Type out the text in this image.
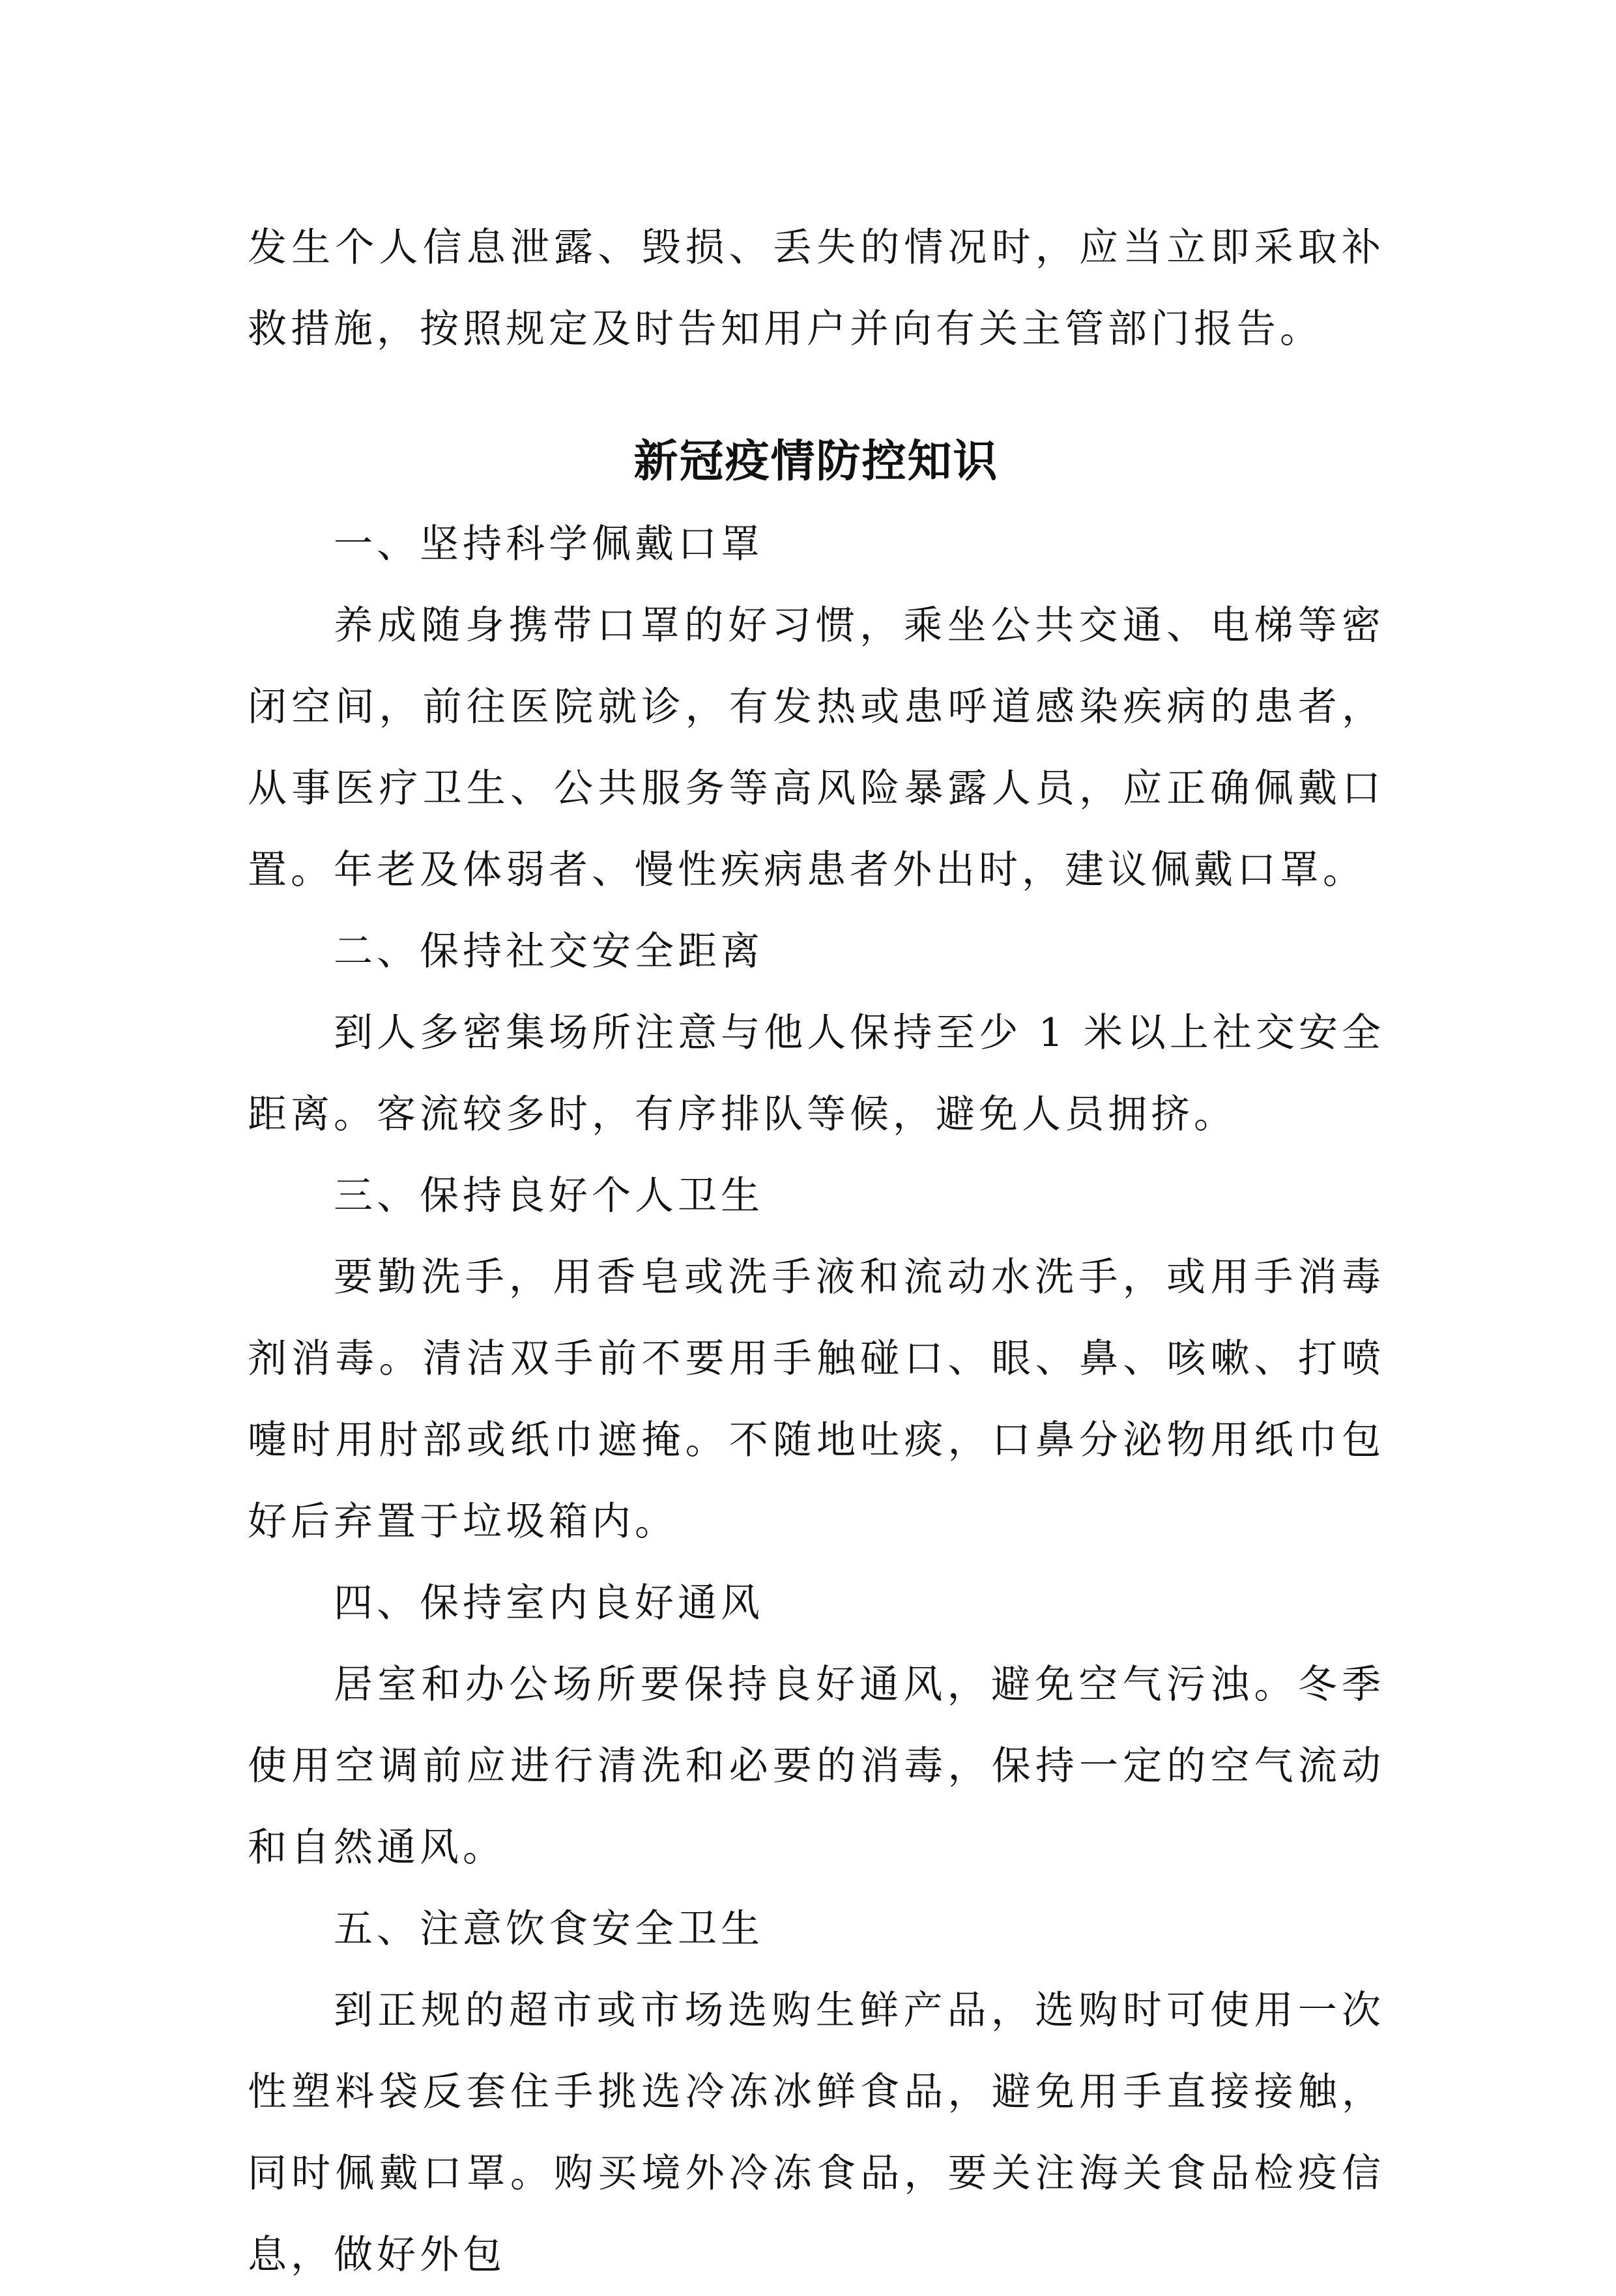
发生个人信息泄露、毁损、丢失的情况时，应当立即采取补救措施，按照规定及时告知用户并向有关主管部门报告。

新冠疫情防控知识

一、坚持科学佩戴口罩

养成随身携带口罩的好习惯，乘坐公共交通、电梯等密闭空间，前往医院就诊，有发热或患呼道感染疾病的患者，从事医疗卫生、公共服务等高风险暴露人员，应正确佩戴口置。年老及体弱者、慢性疾病患者外出时，建议佩戴口罩。

二、保持社交安全距离

到人多密集场所注意与他人保持至少 1 米以上社交安全距离。客流较多时，有序排队等候，避免人员拥挤。

三、保持良好个人卫生

要勤洗手，用香皂或洗手液和流动水洗手，或用手消毒剂消毒。清洁双手前不要用手触碰口、眼、鼻、咳嗽、打喷嚏时用肘部或纸巾遮掩。不随地吐痰，口鼻分泌物用纸巾包好后弃置于垃圾箱内。

四、保持室内良好通风

居室和办公场所要保持良好通风，避免空气污浊。冬季使用空调前应进行清洗和必要的消毒，保持一定的空气流动和自然通风。

五、注意饮食安全卫生

到正规的超市或市场选购生鲜产品，选购时可使用一次性塑料袋反套住手挑选冷冻冰鲜食品，避免用手直接接触，同时佩戴口罩。购买境外冷冻食品，要关注海关食品检疫信息，做好外包
